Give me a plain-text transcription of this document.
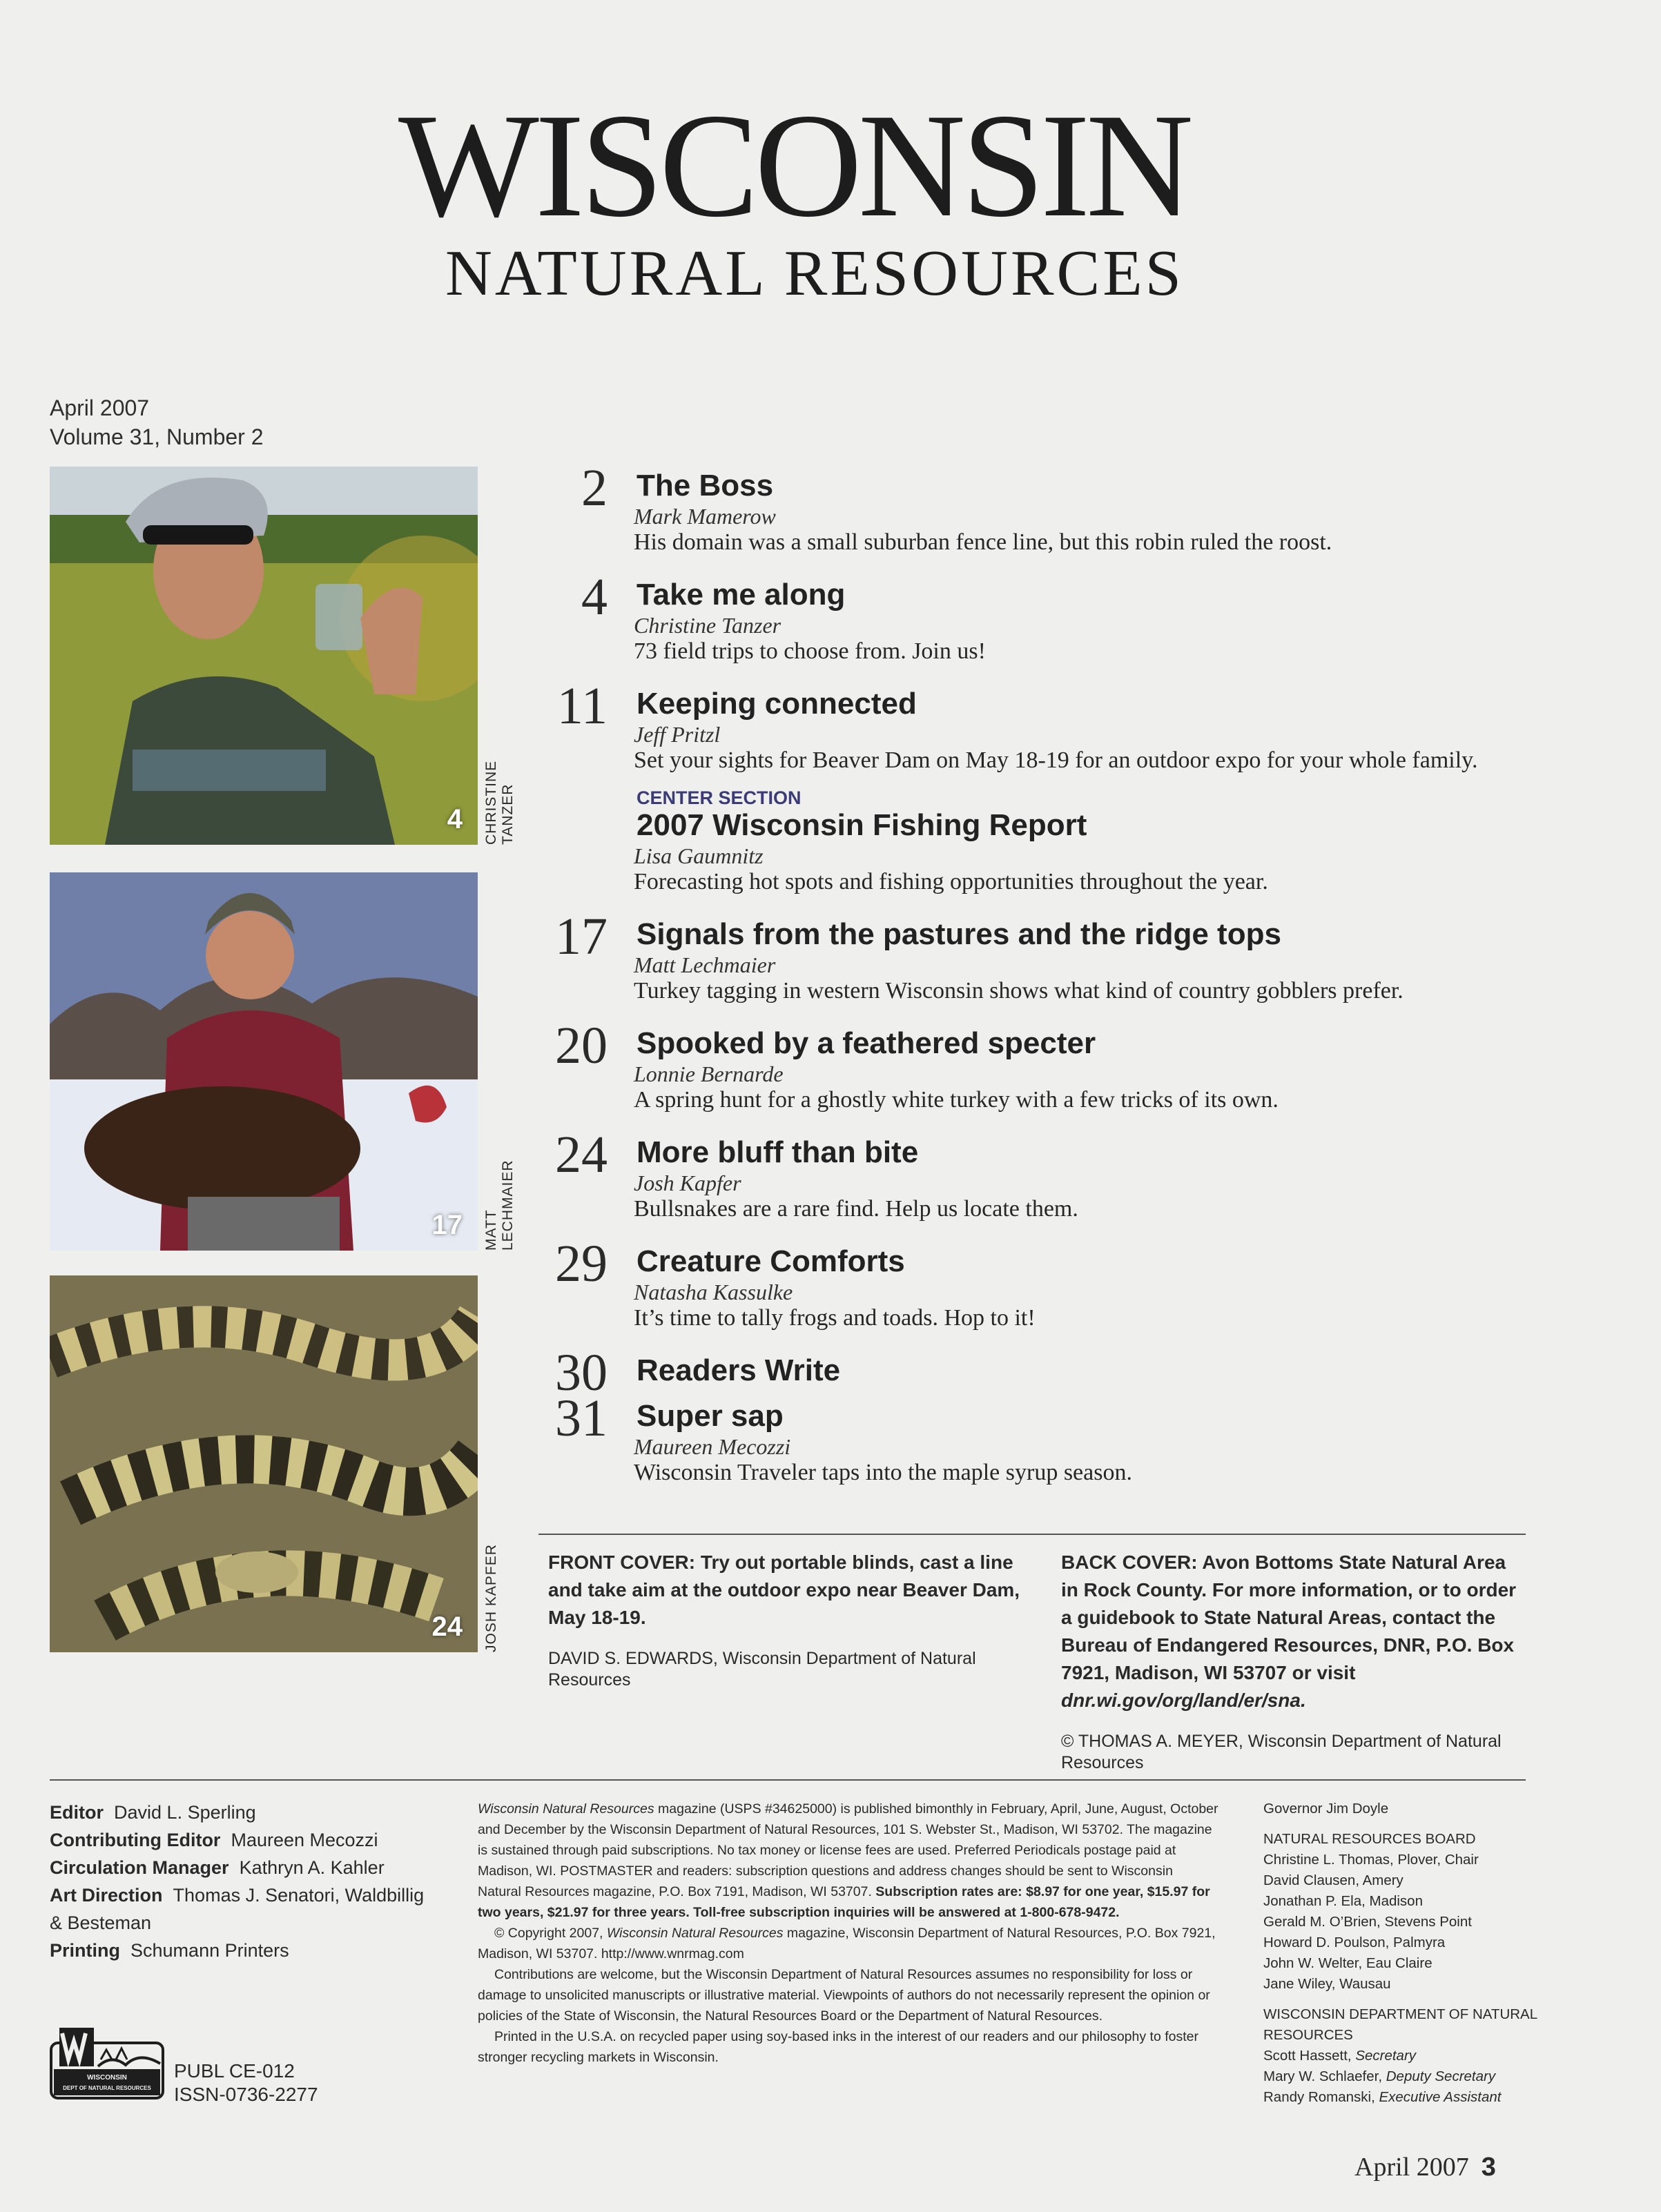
WISCONSIN
NATURAL RESOURCES
April 2007
Volume 31, Number 2
4 CHRISTINE TANZER
17 MATT LECHMAIER
24 JOSH KAPFER
2 The Boss
Mark Mamerow
His domain was a small suburban fence line, but this robin ruled the roost.
4 Take me along
Christine Tanzer
73 field trips to choose from. Join us!
11 Keeping connected
Jeff Pritzl
Set your sights for Beaver Dam on May 18-19 for an outdoor expo for your whole family.
CENTER SECTION
2007 Wisconsin Fishing Report
Lisa Gaumnitz
Forecasting hot spots and fishing opportunities throughout the year.
17 Signals from the pastures and the ridge tops
Matt Lechmaier
Turkey tagging in western Wisconsin shows what kind of country gobblers prefer.
20 Spooked by a feathered specter
Lonnie Bernarde
A spring hunt for a ghostly white turkey with a few tricks of its own.
24 More bluff than bite
Josh Kapfer
Bullsnakes are a rare find. Help us locate them.
29 Creature Comforts
Natasha Kassulke
It’s time to tally frogs and toads. Hop to it!
30 Readers Write
31 Super sap
Maureen Mecozzi
Wisconsin Traveler taps into the maple syrup season.
FRONT COVER: Try out portable blinds, cast a line and take aim at the outdoor expo near Beaver Dam, May 18-19.
DAVID S. EDWARDS, Wisconsin Department of Natural Resources
BACK COVER: Avon Bottoms State Natural Area in Rock County. For more information, or to order a guidebook to State Natural Areas, contact the Bureau of Endangered Resources, DNR, P.O. Box 7921, Madison, WI 53707 or visit
dnr.wi.gov/org/land/er/sna.
© THOMAS A. MEYER, Wisconsin Department of Natural Resources
Editor David L. Sperling
Contributing Editor Maureen Mecozzi
Circulation Manager Kathryn A. Kahler
Art Direction Thomas J. Senatori, Waldbillig & Besteman
Printing Schumann Printers

Wisconsin Natural Resources magazine (USPS #34625000) is published bimonthly in February, April, June, August, October and December by the Wisconsin Department of Natural Resources, 101 S. Webster St., Madison, WI 53702. The magazine is sustained through paid subscriptions. No tax money or license fees are used. Preferred Periodicals postage paid at Madison, WI. POSTMASTER and readers: subscription questions and address changes should be sent to Wisconsin Natural Resources magazine, P.O. Box 7191, Madison, WI 53707. Subscription rates are: $8.97 for one year, $15.97 for two years, $21.97 for three years. Toll-free subscription inquiries will be answered at 1-800-678-9472.

© Copyright 2007, Wisconsin Natural Resources magazine, Wisconsin Department of Natural Resources, P.O. Box 7921, Madison, WI 53707. http://www.wnrmag.com

Contributions are welcome, but the Wisconsin Department of Natural Resources assumes no responsibility for loss or damage to unsolicited manuscripts or illustrative material. Viewpoints of authors do not necessarily represent the opinion or policies of the State of Wisconsin, the Natural Resources Board or the Department of Natural Resources.

Printed in the U.S.A. on recycled paper using soy-based inks in the interest of our readers and our philosophy to foster stronger recycling markets in Wisconsin.

Governor Jim Doyle
NATURAL RESOURCES BOARD
Christine L. Thomas, Plover, Chair
David Clausen, Amery
Jonathan P. Ela, Madison
Gerald M. O’Brien, Stevens Point
Howard D. Poulson, Palmyra
John W. Welter, Eau Claire
Jane Wiley, Wausau
WISCONSIN DEPARTMENT OF NATURAL RESOURCES
Scott Hassett, Secretary
Mary W. Schlaefer, Deputy Secretary
Randy Romanski, Executive Assistant
WISCONSIN
DEPT OF NATURAL RESOURCES
PUBL CE-012
ISSN-0736-2277
April 2007 3
